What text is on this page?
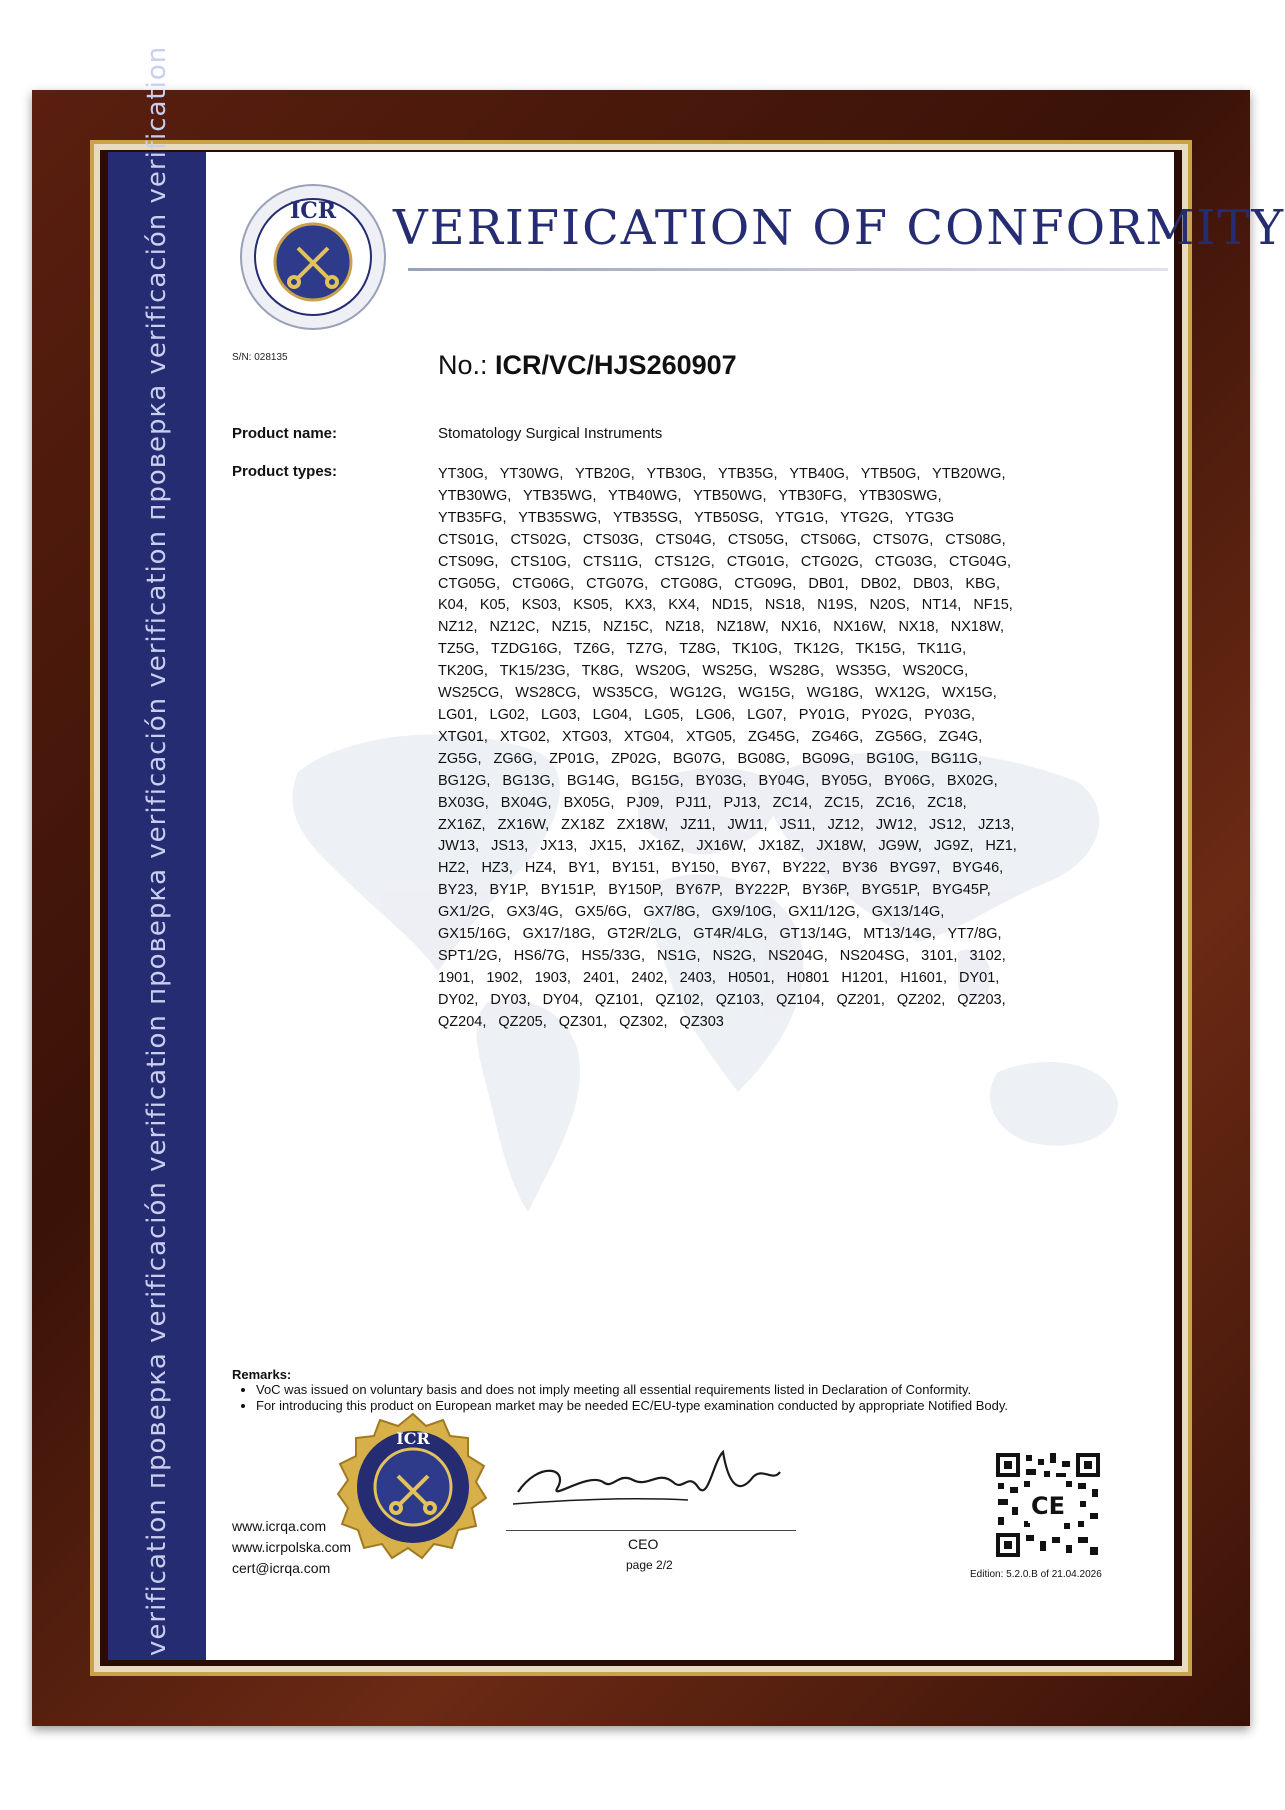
verification проверка verificación verification проверка verificación verification проверка verificación verification	ICR VERIFICATION OF CONFORMITY
S/N: 028135	No.: ICR/VC/HJS260907
Product name:	Stomatology Surgical Instruments
Product types:	YT30G, YT30WG, YTB20G, YTB30G, YTB35G, YTB40G, YTB50G, YTB20WG, YTB30WG, YTB35WG, YTB40WG, YTB50WG, YTB30FG, YTB30SWG, YTB35FG, YTB35SWG, YTB35SG, YTB50SG, YTG1G, YTG2G, YTG3G CTS01G, CTS02G, CTS03G, CTS04G, CTS05G, CTS06G, CTS07G, CTS08G, CTS09G, CTS10G, CTS11G, CTS12G, CTG01G, CTG02G, CTG03G, CTG04G, CTG05G, CTG06G, CTG07G, CTG08G, CTG09G, DB01, DB02, DB03, KBG, K04, K05, KS03, KS05, KX3, KX4, ND15, NS18, N19S, N20S, NT14, NF15, NZ12, NZ12C, NZ15, NZ15C, NZ18, NZ18W, NX16, NX16W, NX18, NX18W, TZ5G, TZDG16G, TZ6G, TZ7G, TZ8G, TK10G, TK12G, TK15G, TK11G, TK20G, TK15/23G, TK8G, WS20G, WS25G, WS28G, WS35G, WS20CG, WS25CG, WS28CG, WS35CG, WG12G, WG15G, WG18G, WX12G, WX15G, LG01, LG02, LG03, LG04, LG05, LG06, LG07, PY01G, PY02G, PY03G, XTG01, XTG02, XTG03, XTG04, XTG05, ZG45G, ZG46G, ZG56G, ZG4G, ZG5G, ZG6G, ZP01G, ZP02G, BG07G, BG08G, BG09G, BG10G, BG11G, BG12G, BG13G, BG14G, BG15G, BY03G, BY04G, BY05G, BY06G, BX02G, BX03G, BX04G, BX05G, PJ09, PJ11, PJ13, ZC14, ZC15, ZC16, ZC18, ZX16Z, ZX16W, ZX18Z ZX18W, JZ11, JW11, JS11, JZ12, JW12, JS12, JZ13, JW13, JS13, JX13, JX15, JX16Z, JX16W, JX18Z, JX18W, JG9W, JG9Z, HZ1, HZ2, HZ3, HZ4, BY1, BY151, BY150, BY67, BY222, BY36 BYG97, BYG46, BY23, BY1P, BY151P, BY150P, BY67P, BY222P, BY36P, BYG51P, BYG45P, GX1/2G, GX3/4G, GX5/6G, GX7/8G, GX9/10G, GX11/12G, GX13/14G, GX15/16G, GX17/18G, GT2R/2LG, GT4R/4LG, GT13/14G, MT13/14G, YT7/8G, SPT1/2G, HS6/7G, HS5/33G, NS1G, NS2G, NS204G, NS204SG, 3101, 3102, 1901, 1902, 1903, 2401, 2402, 2403, H0501, H0801 H1201, H1601, DY01, DY02, DY03, DY04, QZ101, QZ102, QZ103, QZ104, QZ201, QZ202, QZ203, QZ204, QZ205, QZ301, QZ302, QZ303
Remarks:
• VoC was issued on voluntary basis and does not imply meeting all essential requirements listed in Declaration of Conformity.
• For introducing this product on European market may be needed EC/EU-type examination conducted by appropriate Notified Body.
ICR
CEO
page 2/2
www.icrqa.com
www.icrpolska.com
cert@icrqa.com
CE
Edition: 5.2.0.B of 21.04.2026
